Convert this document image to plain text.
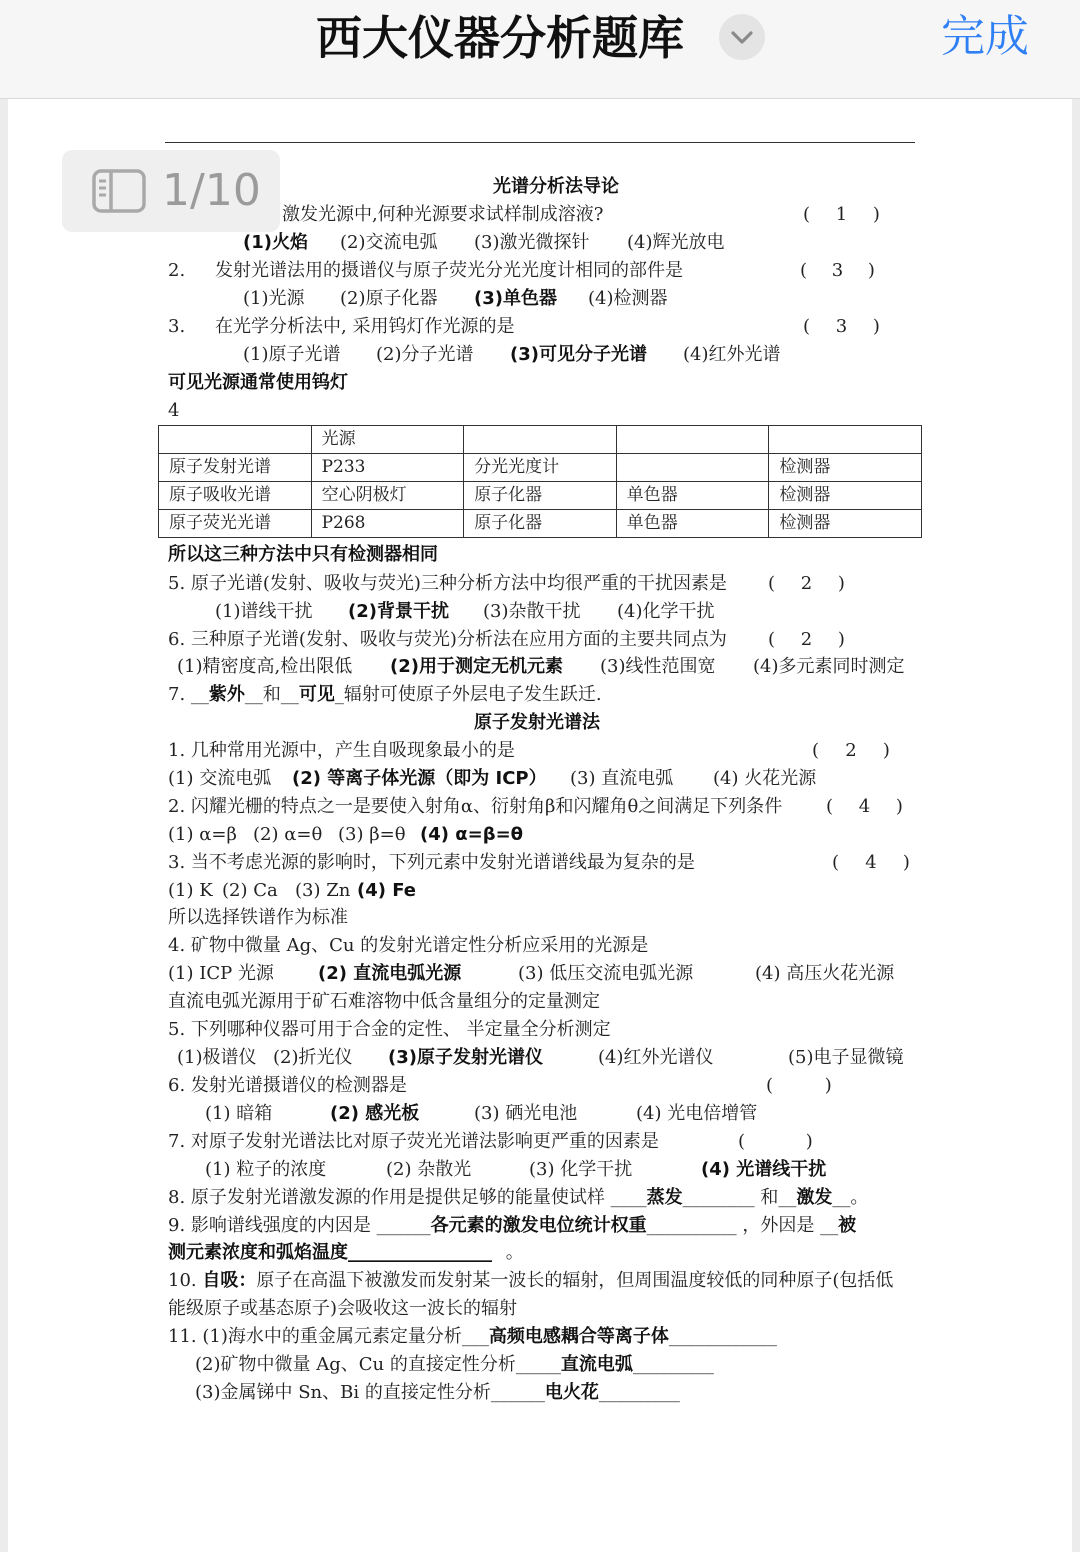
西大仪器分析题库	完成
光谱分析法导论
激发光源中,何种光源要求试样制成溶液?	( 1 )
(1)火焰 (2)交流电弧 (3)激光微探针 (4)辉光放电
2. 发射光谱法用的摄谱仪与原子荧光分光光度计相同的部件是	( 3 )
(1)光源 (2)原子化器 (3)单色器 (4)检测器
3. 在光学分析法中, 采用钨灯作光源的是	( 3 )
(1)原子光谱 (2)分子光谱 (3)可见分子光谱 (4)红外光谱
可见光源通常使用钨灯
4
	光源			
原子发射光谱	P233	分光光度计		检测器
原子吸收光谱	空心阴极灯	原子化器	单色器	检测器
原子荧光光谱	P268	原子化器	单色器	检测器
所以这三种方法中只有检测器相同
5. 原子光谱(发射、吸收与荧光)三种分析方法中均很严重的干扰因素是 ( 2 )
(1)谱线干扰 (2)背景干扰 (3)杂散干扰 (4)化学干扰
6. 三种原子光谱(发射、吸收与荧光)分析法在应用方面的主要共同点为 ( 2 )
(1)精密度高,检出限低 (2)用于测定无机元素 (3)线性范围宽 (4)多元素同时测定
7. __紫外__和__可见_辐射可使原子外层电子发生跃迁.
原子发射光谱法
1. 几种常用光源中，产生自吸现象最小的是	( 2 )
(1) 交流电弧 (2) 等离子体光源（即为 ICP） (3) 直流电弧 (4) 火花光源
2. 闪耀光栅的特点之一是要使入射角α、衍射角β和闪耀角θ之间满足下列条件 ( 4 )
(1) α=β (2) α=θ (3) β=θ (4) α=β=θ
3. 当不考虑光源的影响时，下列元素中发射光谱谱线最为复杂的是	( 4 )
(1) K (2) Ca (3) Zn (4) Fe
所以选择铁谱作为标准
4. 矿物中微量 Ag、Cu 的发射光谱定性分析应采用的光源是
(1) ICP 光源 (2) 直流电弧光源	(3) 低压交流电弧光源	(4) 高压火花光源
直流电弧光源用于矿石难溶物中低含量组分的定量测定
5. 下列哪种仪器可用于合金的定性、 半定量全分析测定
(1)极谱仪 (2)折光仪 (3)原子发射光谱仪	(4)红外光谱仪	(5)电子显微镜
6. 发射光谱摄谱仪的检测器是	( )
(1) 暗箱	(2) 感光板	(3) 硒光电池	(4) 光电倍增管
7. 对原子发射光谱法比对原子荧光光谱法影响更严重的因素是	( )
(1) 粒子的浓度	(2) 杂散光	(3) 化学干扰	(4) 光谱线干扰
8. 原子发射光谱激发源的作用是提供足够的能量使试样 ____蒸发________ 和__激发__。
9. 影响谱线强度的内因是 ______各元素的激发电位统计权重__________ ，外因是 __被
测元素浓度和弧焰温度________________ 。
10. 自吸：原子在高温下被激发而发射某一波长的辐射，但周围温度较低的同种原子(包括低
能级原子或基态原子)会吸收这一波长的辐射
11. (1)海水中的重金属元素定量分析___高频电感耦合等离子体____________
(2)矿物中微量 Ag、Cu 的直接定性分析_____直流电弧_________
(3)金属锑中 Sn、Bi 的直接定性分析______电火花_________
1/10
